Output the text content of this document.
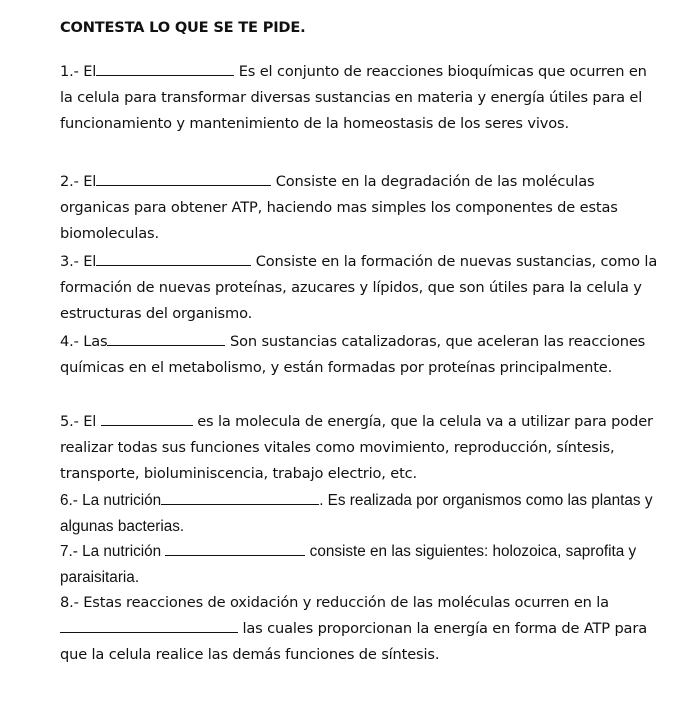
CONTESTA LO QUE SE TE PIDE.
1.- El	Es el conjunto de reacciones bioquímicas que ocurren en la celula para transformar diversas sustancias en materia y energía útiles para el funcionamiento y mantenimiento de la homeostasis de los seres vivos.
2.- El	Consiste en la degradación de las moléculas organicas para obtener ATP, haciendo mas simples los componentes de estas biomoleculas.
3.- El	Consiste en la formación de nuevas sustancias, como la formación de nuevas proteínas, azucares y lípidos, que son útiles para la celula y estructuras del organismo.
4.- Las	Son sustancias catalizadoras, que aceleran las reacciones químicas en el metabolismo, y están formadas por proteínas principalmente.
5.- El	es la molecula de energía, que la celula va a utilizar para poder realizar todas sus funciones vitales como movimiento, reproducción, síntesis, transporte, bioluminiscencia, trabajo electrio, etc.
6.- La nutrición	. Es realizada por organismos como las plantas y algunas bacterias.
7.- La nutrición	consiste en las siguientes: holozoica, saprofita y paraisitaria.
8.- Estas reacciones de oxidación y reducción de las moléculas ocurren en la las cuales proporcionan la energía en forma de ATP para que la celula realice las demás funciones de síntesis.
